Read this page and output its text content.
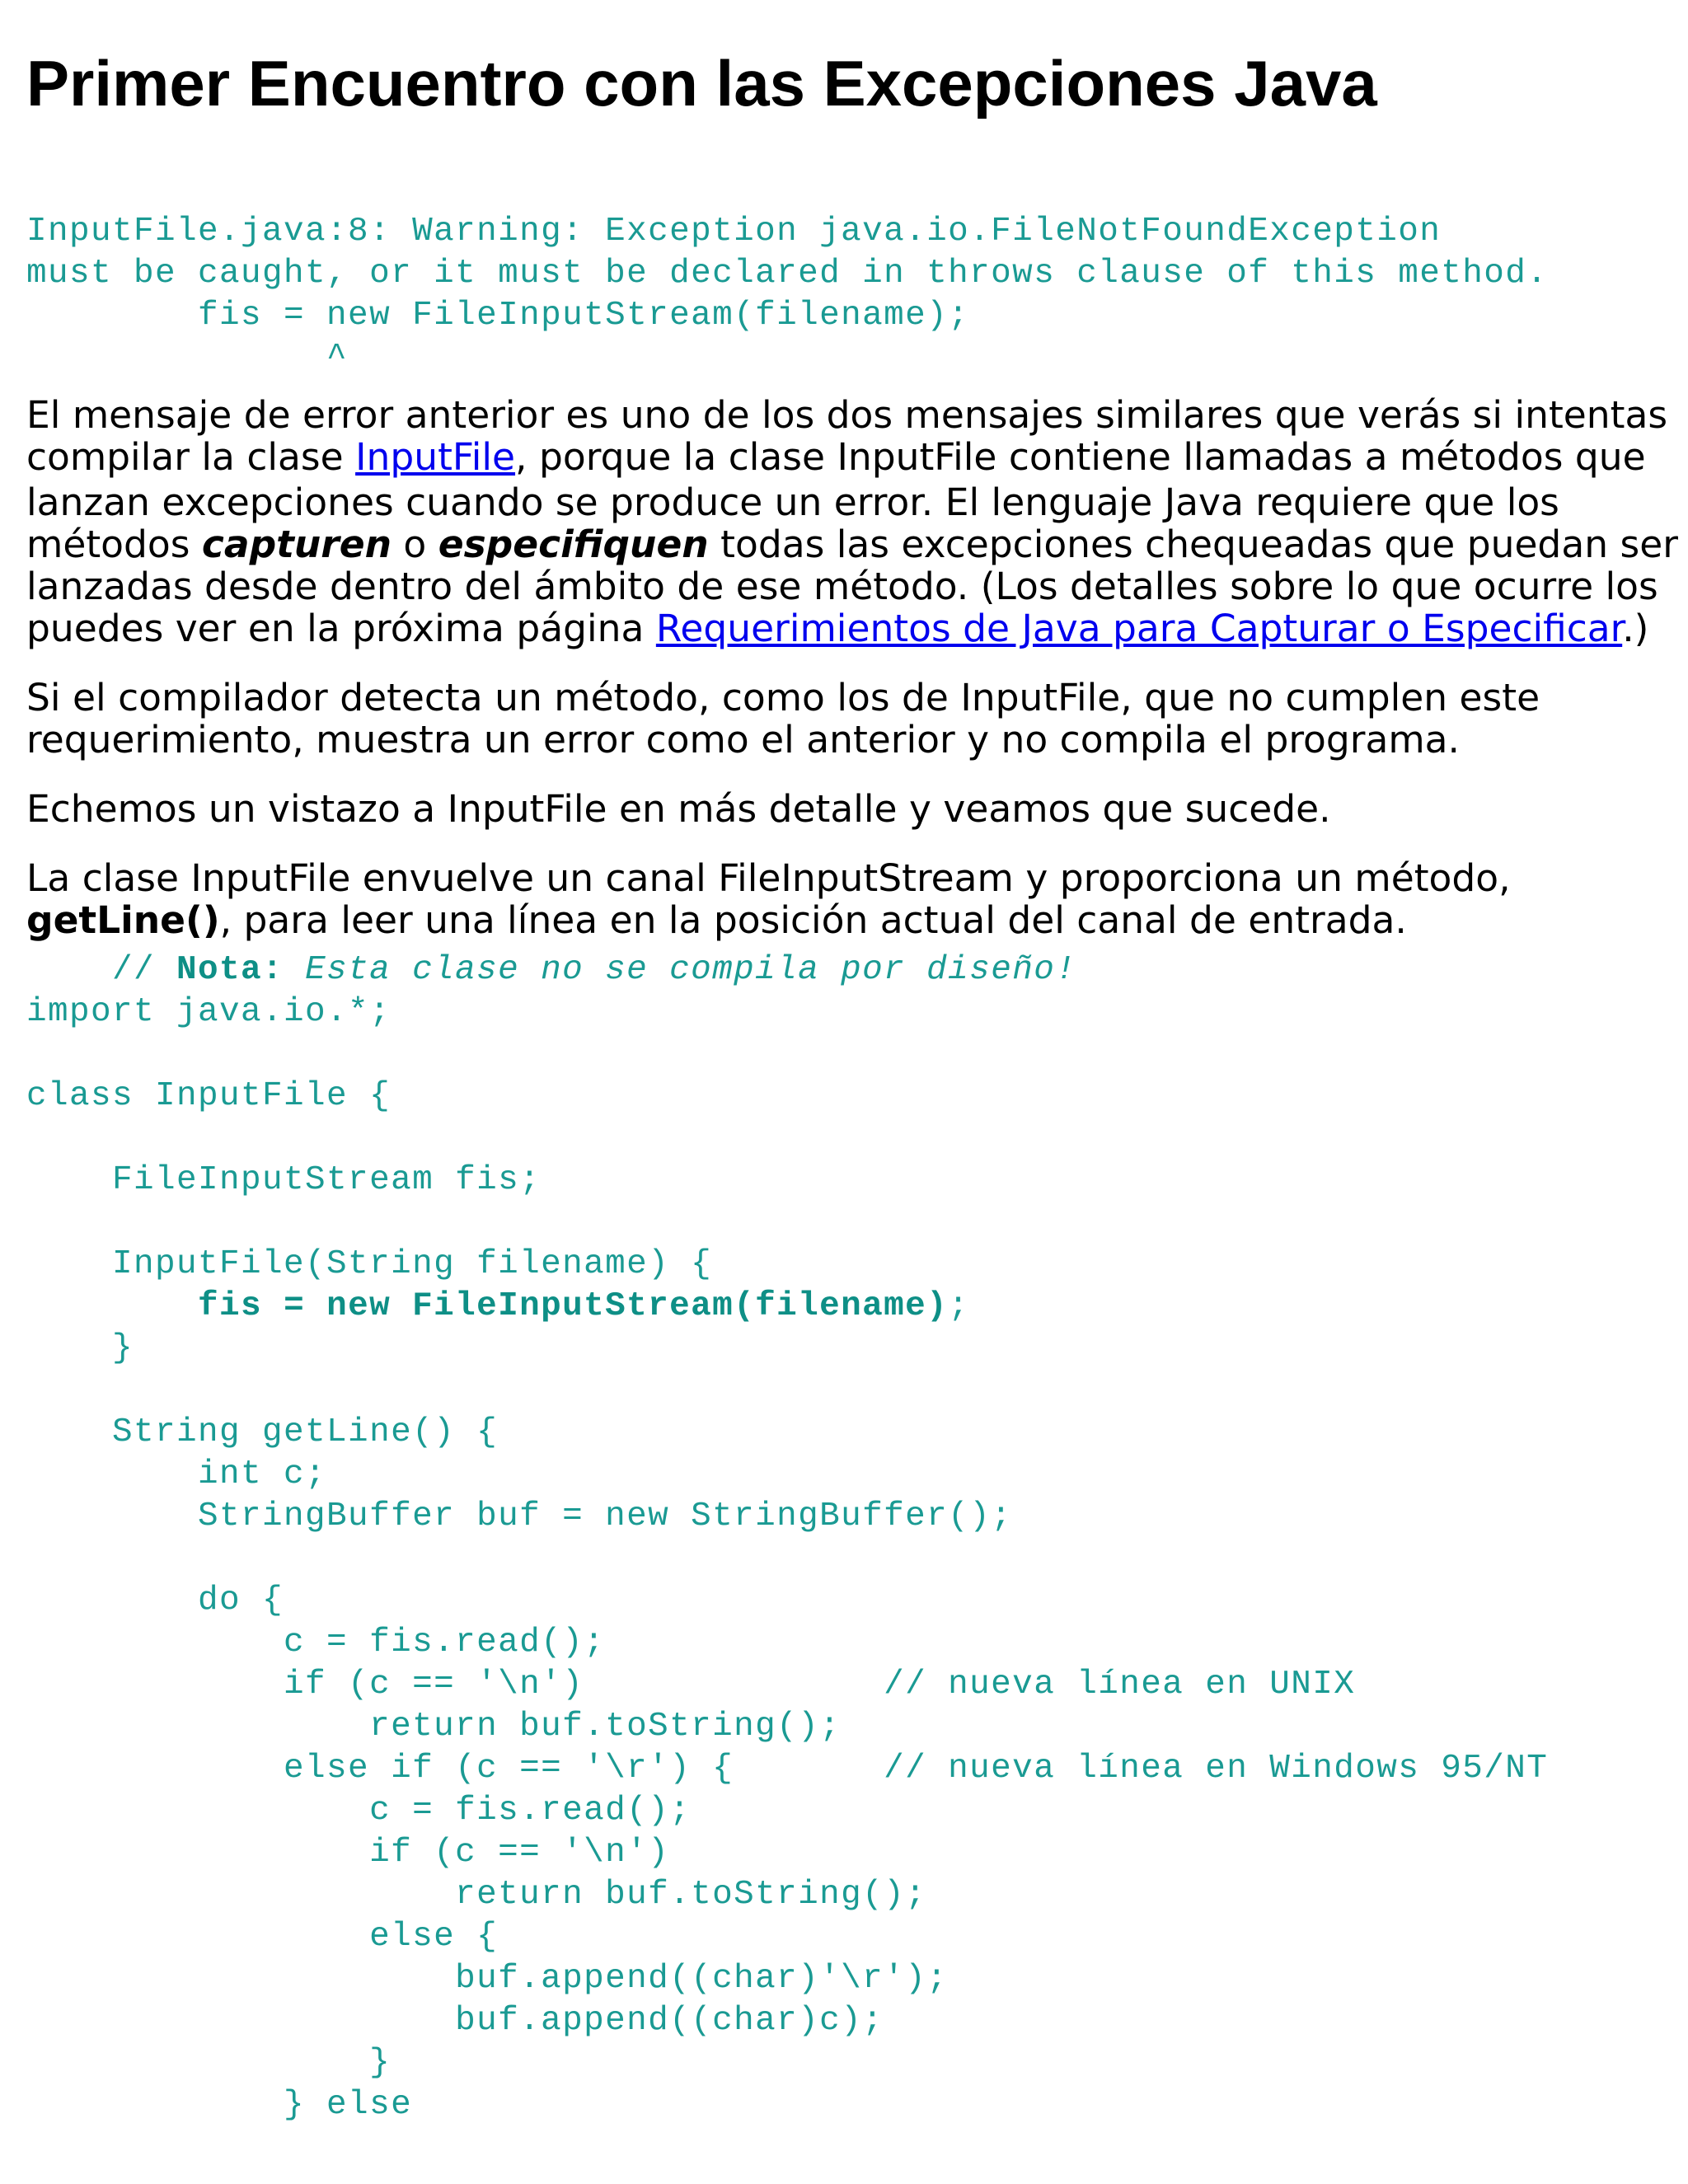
Primer Encuentro con las Excepciones Java
InputFile.java:8: Warning: Exception java.io.FileNotFoundException
must be caught, or it must be declared in throws clause of this method.
fis = new FileInputStream(filename);
^
El mensaje de error anterior es uno de los dos mensajes similares que verás si intentas
compilar la clase InputFile, porque la clase InputFile contiene llamadas a métodos que
lanzan excepciones cuando se produce un error. El lenguaje Java requiere que los
métodos capturen o especifiquen todas las excepciones chequeadas que puedan ser
lanzadas desde dentro del ámbito de ese método. (Los detalles sobre lo que ocurre los
puedes ver en la próxima página Requerimientos de Java para Capturar o Especificar.)
Si el compilador detecta un método, como los de InputFile, que no cumplen este
requerimiento, muestra un error como el anterior y no compila el programa.
Echemos un vistazo a InputFile en más detalle y veamos que sucede.
La clase InputFile envuelve un canal FileInputStream y proporciona un método,
getLine(), para leer una línea en la posición actual del canal de entrada.
// Nota: Esta clase no se compila por diseño!
import java.io.*;

class InputFile {

FileInputStream fis;

InputFile(String filename) {
fis = new FileInputStream(filename);
}

String getLine() {
int c;
StringBuffer buf = new StringBuffer();

do {
c = fis.read();
if (c == '\n')              // nueva línea en UNIX
return buf.toString();
else if (c == '\r') {       // nueva línea en Windows 95/NT
c = fis.read();
if (c == '\n')
return buf.toString();
else {
buf.append((char)'\r');
buf.append((char)c);
}
} else
